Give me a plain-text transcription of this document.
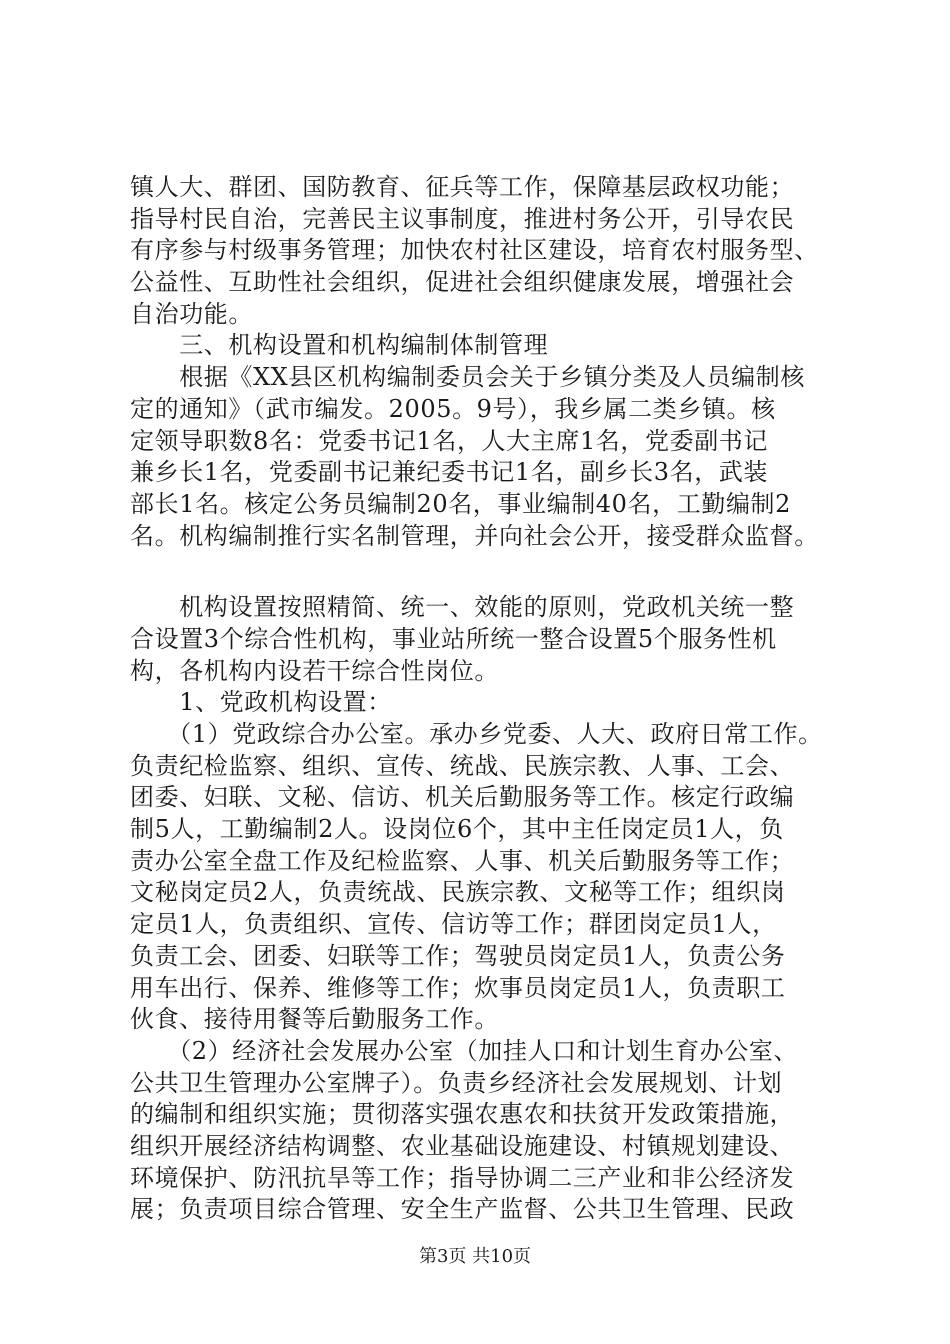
镇人大、群团、国防教育、征兵等工作，保障基层政权功能；
指导村民自治，完善民主议事制度，推进村务公开，引导农民
有序参与村级事务管理；加快农村社区建设，培育农村服务型、
公益性、互助性社会组织，促进社会组织健康发展，增强社会
自治功能。
　　三、机构设置和机构编制体制管理
　　根据《XX县区机构编制委员会关于乡镇分类及人员编制核
定的通知》（武市编发。2005。9号），我乡属二类乡镇。核
定领导职数8名：党委书记1名，人大主席1名，党委副书记
兼乡长1名，党委副书记兼纪委书记1名，副乡长3名，武装
部长1名。核定公务员编制20名，事业编制40名，工勤编制2
名。机构编制推行实名制管理，并向社会公开，接受群众监督。
　　机构设置按照精简、统一、效能的原则，党政机关统一整
合设置3个综合性机构，事业站所统一整合设置5个服务性机
构，各机构内设若干综合性岗位。
　　1、党政机构设置：
　　（1）党政综合办公室。承办乡党委、人大、政府日常工作。
负责纪检监察、组织、宣传、统战、民族宗教、人事、工会、
团委、妇联、文秘、信访、机关后勤服务等工作。核定行政编
制5人，工勤编制2人。设岗位6个，其中主任岗定员1人，负
责办公室全盘工作及纪检监察、人事、机关后勤服务等工作；
文秘岗定员2人，负责统战、民族宗教、文秘等工作；组织岗
定员1人，负责组织、宣传、信访等工作；群团岗定员1人，
负责工会、团委、妇联等工作；驾驶员岗定员1人，负责公务
用车出行、保养、维修等工作；炊事员岗定员1人，负责职工
伙食、接待用餐等后勤服务工作。
　　（2）经济社会发展办公室（加挂人口和计划生育办公室、
公共卫生管理办公室牌子）。负责乡经济社会发展规划、计划
的编制和组织实施；贯彻落实强农惠农和扶贫开发政策措施，
组织开展经济结构调整、农业基础设施建设、村镇规划建设、
环境保护、防汛抗旱等工作；指导协调二三产业和非公经济发
展；负责项目综合管理、安全生产监督、公共卫生管理、民政
第3页 共10页
